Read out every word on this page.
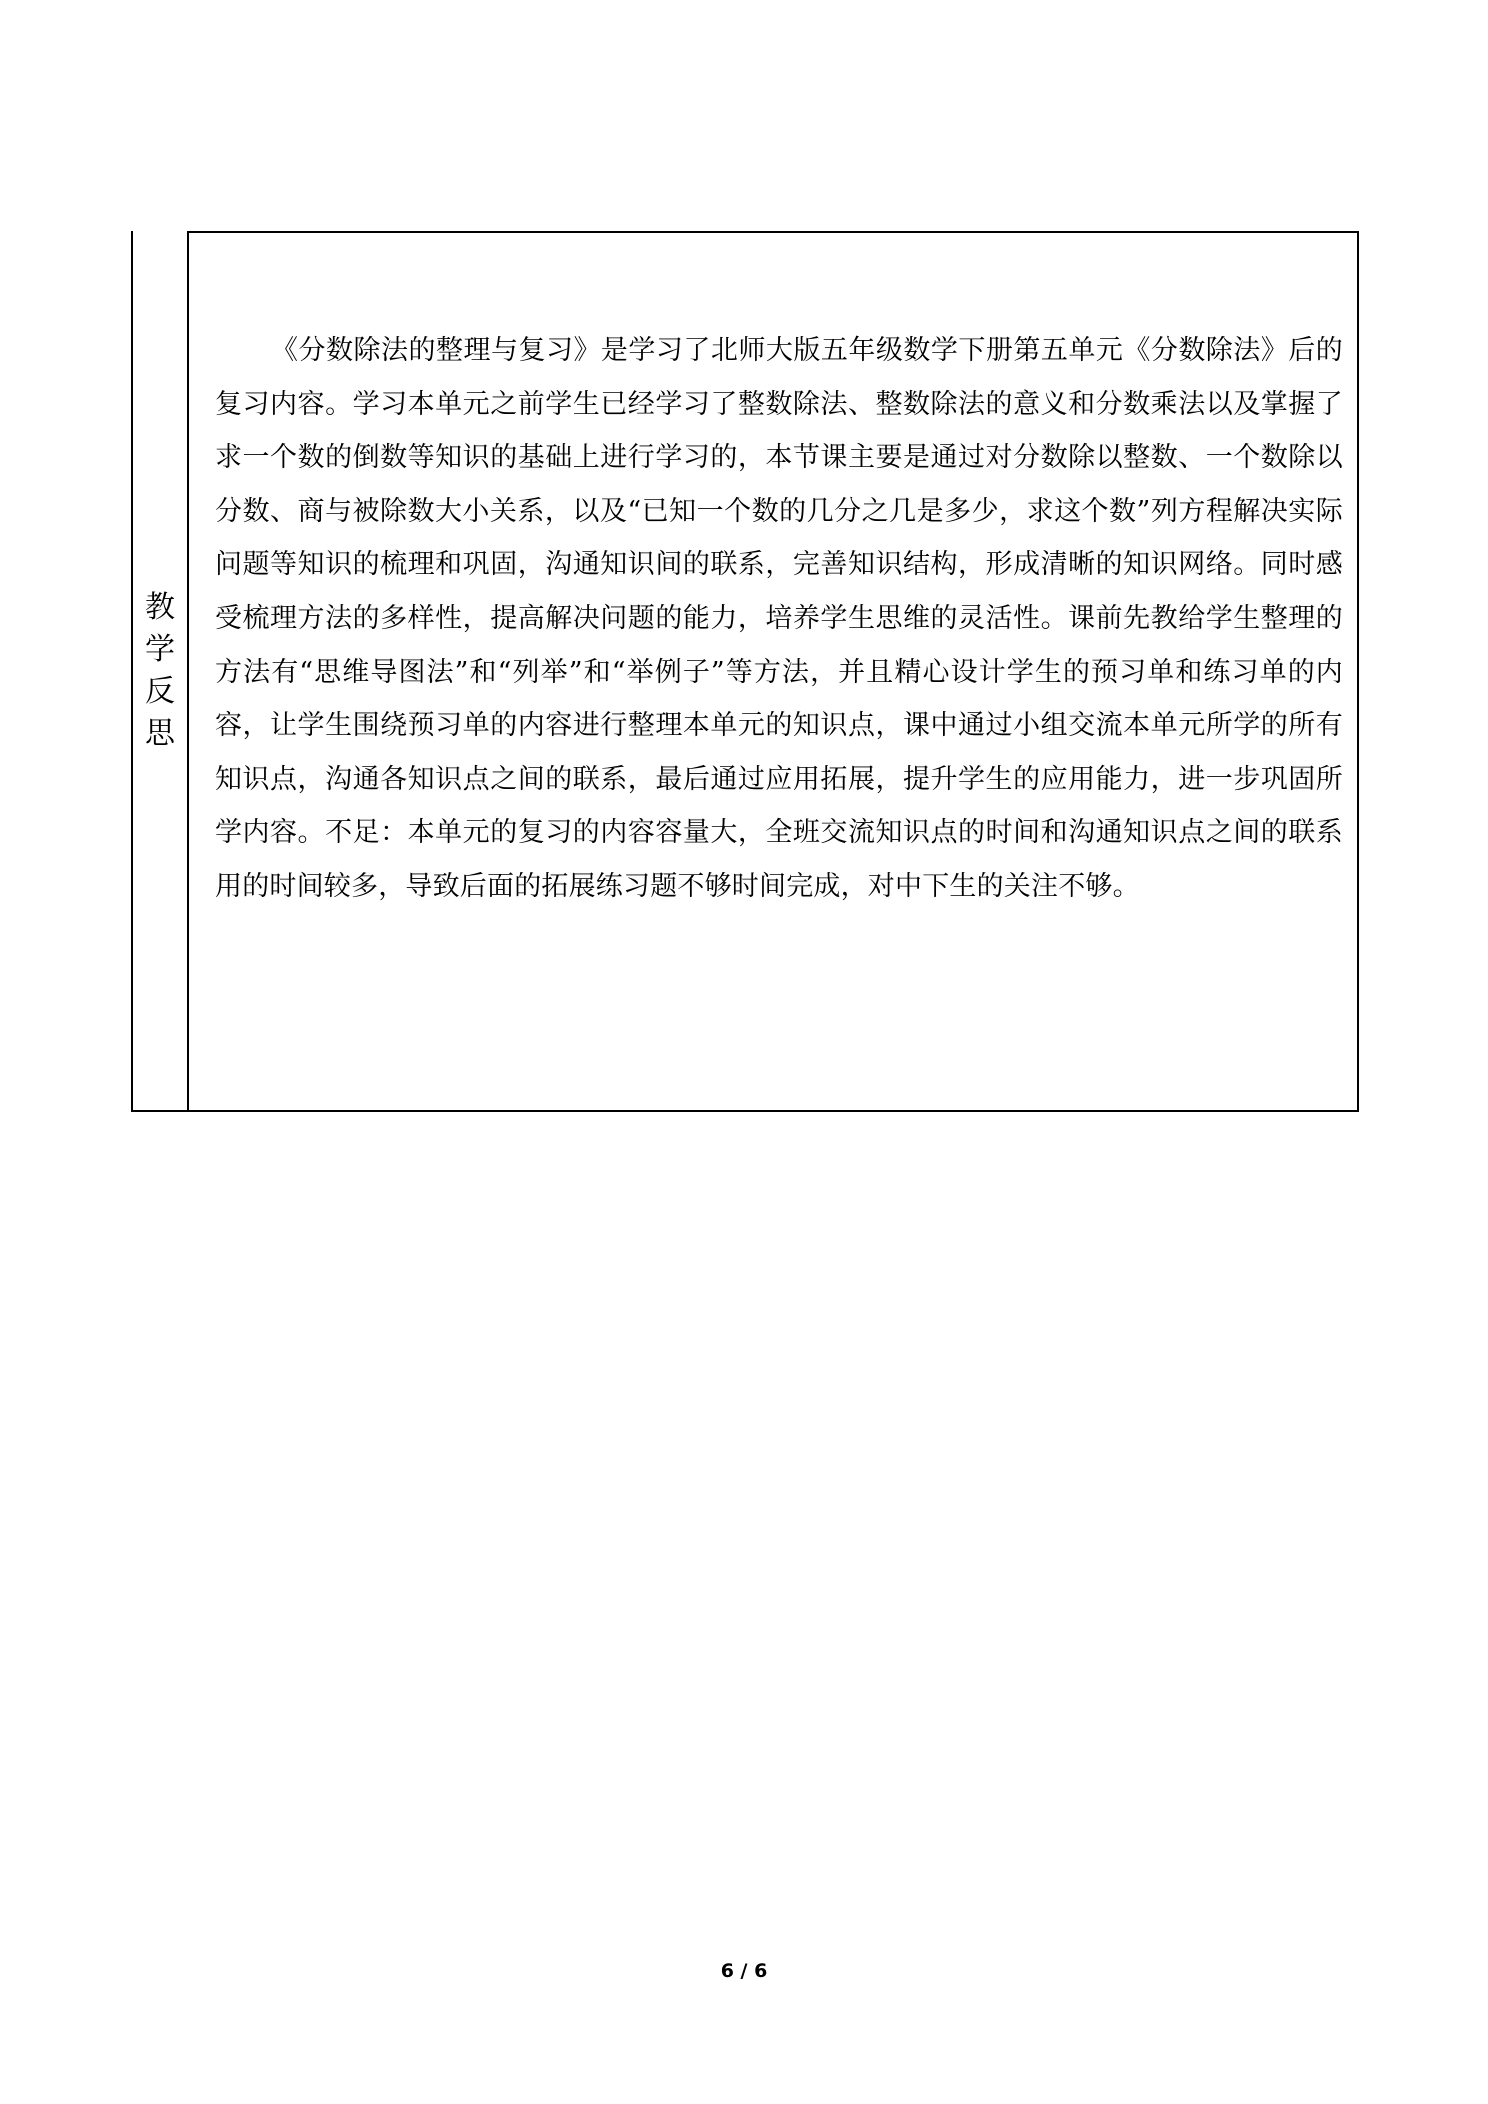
教学反思

《分数除法的整理与复习》是学习了北师大版五年级数学下册第五单元《分数除法》后的复习内容。学习本单元之前学生已经学习了整数除法、整数除法的意义和分数乘法以及掌握了求一个数的倒数等知识的基础上进行学习的，本节课主要是通过对分数除以整数、一个数除以分数、商与被除数大小关系，以及“已知一个数的几分之几是多少，求这个数”列方程解决实际问题等知识的梳理和巩固，沟通知识间的联系，完善知识结构，形成清晰的知识网络。同时感受梳理方法的多样性，提高解决问题的能力，培养学生思维的灵活性。课前先教给学生整理的方法有“思维导图法”和“列举”和“举例子”等方法，并且精心设计学生的预习单和练习单的内容，让学生围绕预习单的内容进行整理本单元的知识点，课中通过小组交流本单元所学的所有知识点，沟通各知识点之间的联系，最后通过应用拓展，提升学生的应用能力，进一步巩固所学内容。不足：本单元的复习的内容容量大，全班交流知识点的时间和沟通知识点之间的联系用的时间较多，导致后面的拓展练习题不够时间完成，对中下生的关注不够。

6 / 6
